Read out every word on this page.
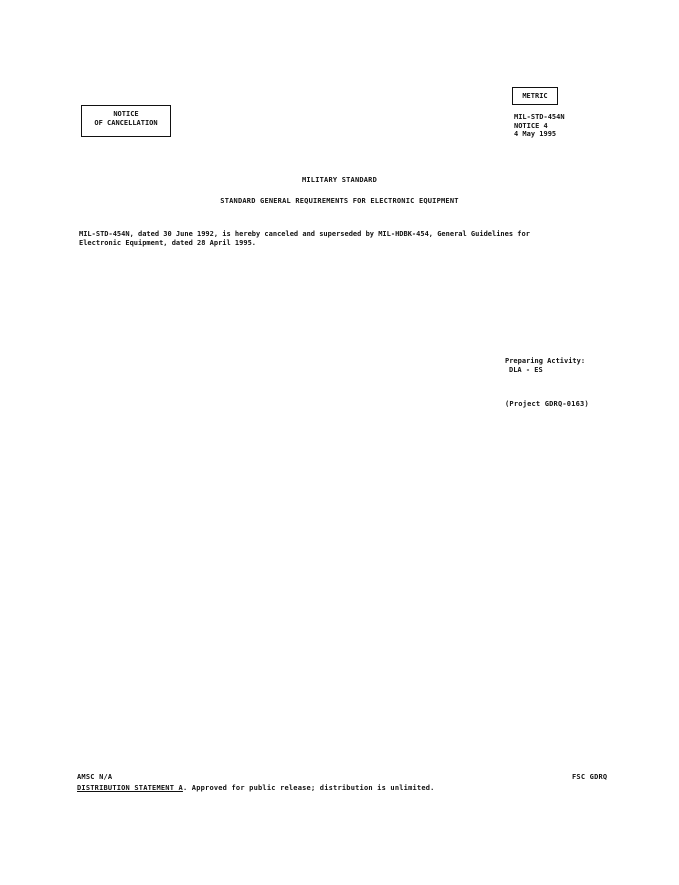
NOTICE
OF CANCELLATION
METRIC
MIL-STD-454N
NOTICE 4
4 May 1995
MILITARY STANDARD
STANDARD GENERAL REQUIREMENTS FOR ELECTRONIC EQUIPMENT
MIL-STD-454N, dated 30 June 1992, is hereby canceled and superseded by MIL-HDBK-454, General Guidelines for
Electronic Equipment, dated 28 April 1995.
Preparing Activity:
DLA - ES
(Project GDRQ-0163)
AMSC N/A	FSC GDRQ
DISTRIBUTION STATEMENT A. Approved for public release; distribution is unlimited.
